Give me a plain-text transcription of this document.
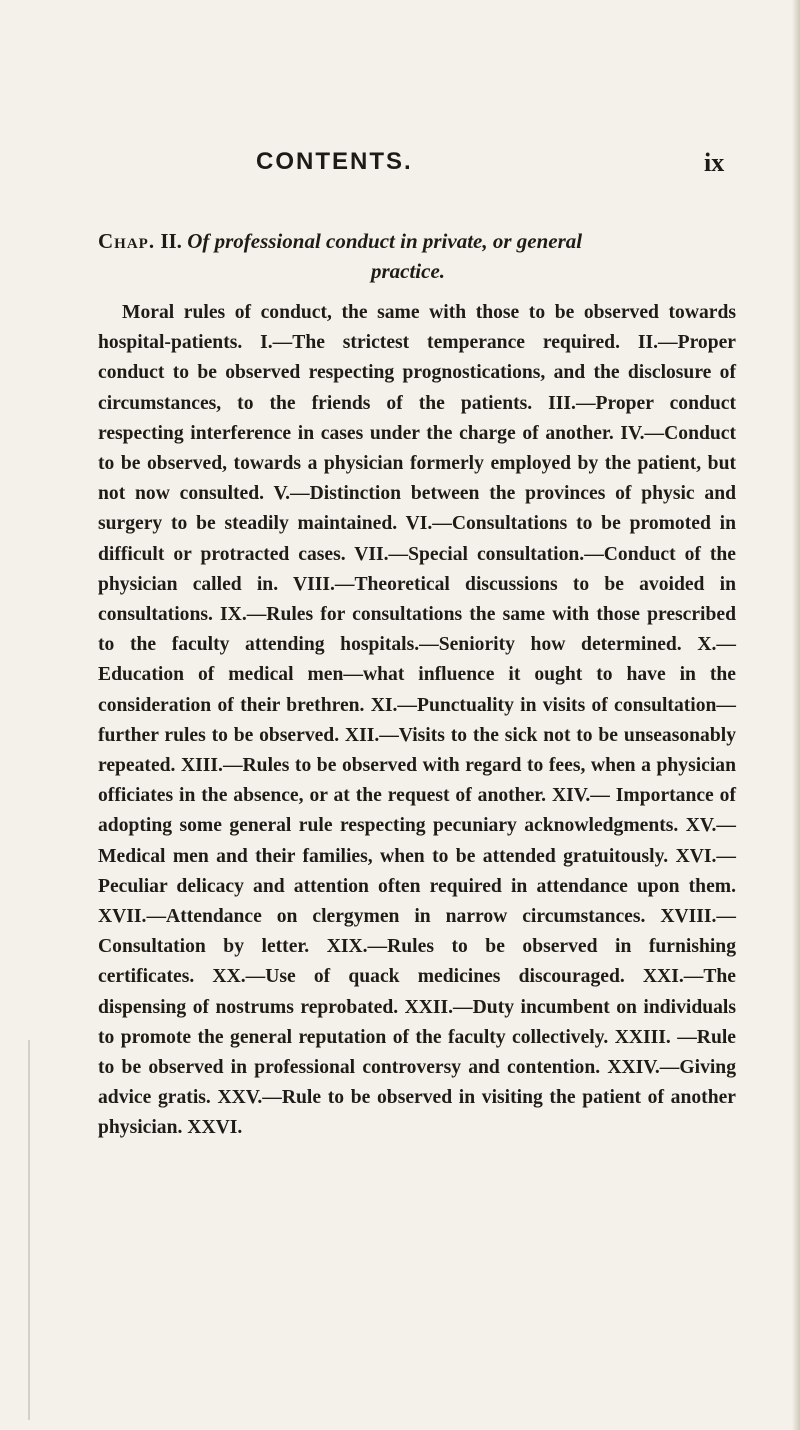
CONTENTS.	ix
Chap. II. Of professional conduct in private, or general
practice.
Moral rules of conduct, the same with those to be observed towards hospital-patients. I.—The strictest temperance required. II.—Proper conduct to be observed respecting prognostications, and the disclosure of circumstances, to the friends of the patients. III.—Proper conduct respecting interference in cases under the charge of another. IV.—Conduct to be observed, towards a physician formerly employed by the patient, but not now consulted. V.—Distinction between the provinces of physic and surgery to be steadily maintained. VI.—Consultations to be promoted in difficult or protracted cases. VII.—Special consultation.—Conduct of the physician called in. VIII.—Theoretical discussions to be avoided in consultations. IX.—Rules for consultations the same with those prescribed to the faculty attending hospitals.—Seniority how determined. X.—Education of medical men—what influence it ought to have in the consideration of their brethren. XI.—Punctuality in visits of consultation—further rules to be observed. XII.—Visits to the sick not to be unseasonably repeated. XIII.—Rules to be observed with regard to fees, when a physician officiates in the absence, or at the request of another. XIV.— Importance of adopting some general rule respecting pecuniary acknowledgments. XV.—Medical men and their families, when to be attended gratuitously. XVI.— Peculiar delicacy and attention often required in attendance upon them. XVII.—Attendance on clergymen in narrow circumstances. XVIII.—Consultation by letter. XIX.—Rules to be observed in furnishing certificates. XX.—Use of quack medicines discouraged. XXI.—The dispensing of nostrums reprobated. XXII.—Duty incumbent on individuals to promote the general reputation of the faculty collectively. XXIII. —Rule to be observed in professional controversy and contention. XXIV.—Giving advice gratis. XXV.—Rule to be observed in visiting the patient of another physician. XXVI.
